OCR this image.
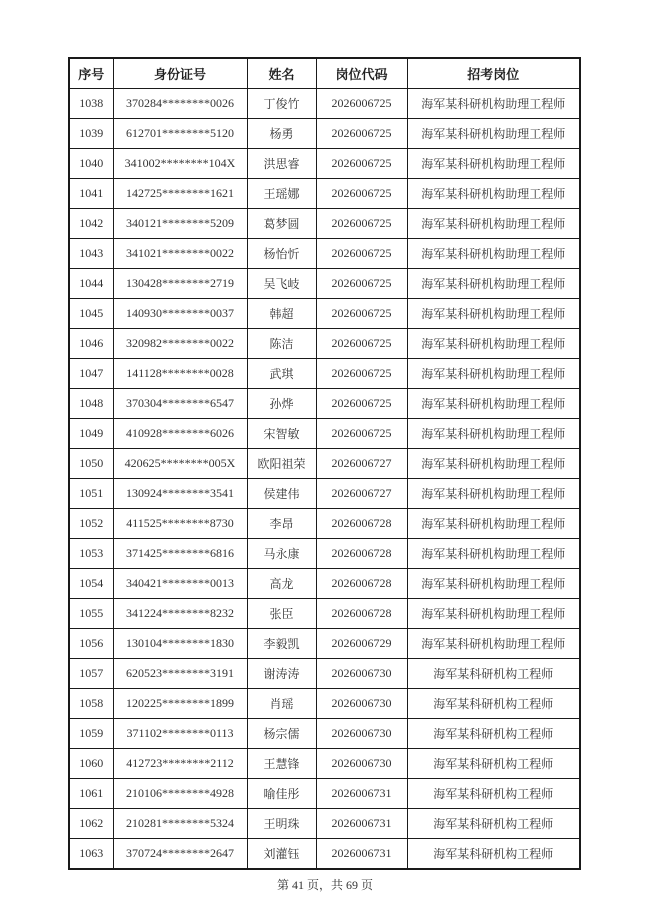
序号	身份证号	姓名	岗位代码	招考岗位
1038	370284********0026	丁俊竹	2026006725	海军某科研机构助理工程师
1039	612701********5120	杨勇	2026006725	海军某科研机构助理工程师
1040	341002********104X	洪思睿	2026006725	海军某科研机构助理工程师
1041	142725********1621	王瑶娜	2026006725	海军某科研机构助理工程师
1042	340121********5209	葛梦圆	2026006725	海军某科研机构助理工程师
1043	341021********0022	杨怡忻	2026006725	海军某科研机构助理工程师
1044	130428********2719	吴飞岐	2026006725	海军某科研机构助理工程师
1045	140930********0037	韩超	2026006725	海军某科研机构助理工程师
1046	320982********0022	陈洁	2026006725	海军某科研机构助理工程师
1047	141128********0028	武琪	2026006725	海军某科研机构助理工程师
1048	370304********6547	孙烨	2026006725	海军某科研机构助理工程师
1049	410928********6026	宋智敏	2026006725	海军某科研机构助理工程师
1050	420625********005X	欧阳祖荣	2026006727	海军某科研机构助理工程师
1051	130924********3541	侯建伟	2026006727	海军某科研机构助理工程师
1052	411525********8730	李昂	2026006728	海军某科研机构助理工程师
1053	371425********6816	马永康	2026006728	海军某科研机构助理工程师
1054	340421********0013	高龙	2026006728	海军某科研机构助理工程师
1055	341224********8232	张臣	2026006728	海军某科研机构助理工程师
1056	130104********1830	李毅凯	2026006729	海军某科研机构助理工程师
1057	620523********3191	谢涛涛	2026006730	海军某科研机构工程师
1058	120225********1899	肖瑶	2026006730	海军某科研机构工程师
1059	371102********0113	杨宗儒	2026006730	海军某科研机构工程师
1060	412723********2112	王慧锋	2026006730	海军某科研机构工程师
1061	210106********4928	喻佳彤	2026006731	海军某科研机构工程师
1062	210281********5324	王明珠	2026006731	海军某科研机构工程师
1063	370724********2647	刘灌钰	2026006731	海军某科研机构工程师
第 41 页，共 69 页
